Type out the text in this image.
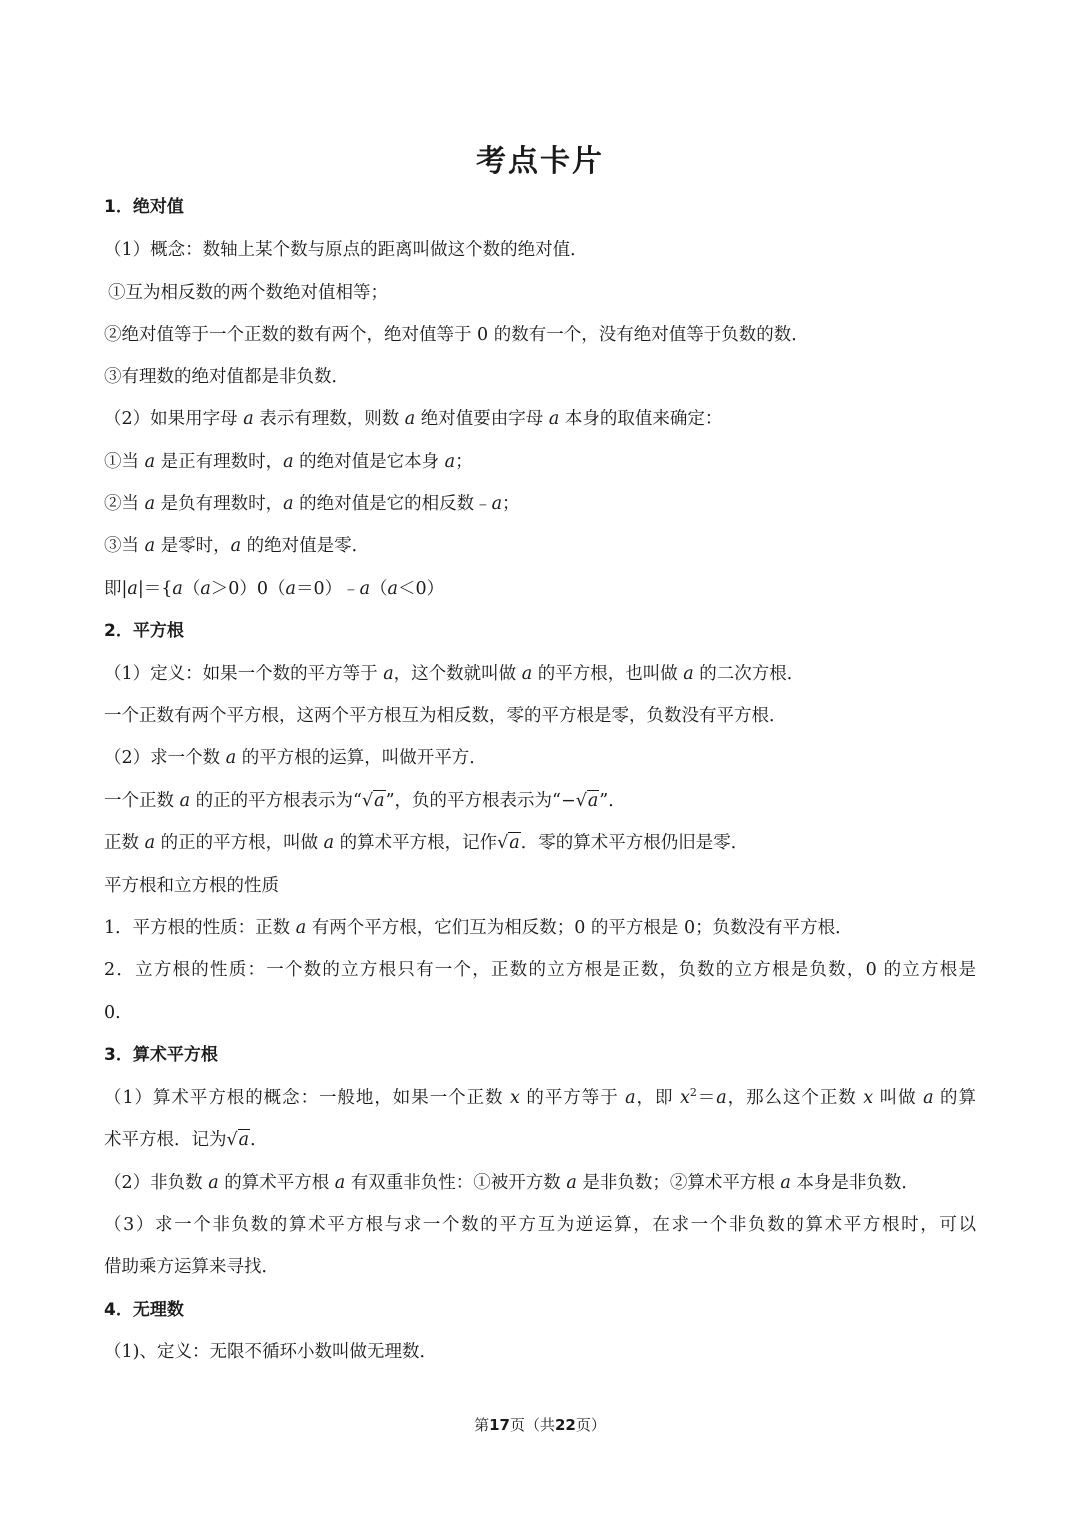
考点卡片
1．绝对值
（1）概念：数轴上某个数与原点的距离叫做这个数的绝对值．
①互为相反数的两个数绝对值相等；
②绝对值等于一个正数的数有两个，绝对值等于 0 的数有一个，没有绝对值等于负数的数．
③有理数的绝对值都是非负数．
（2）如果用字母 a 表示有理数，则数 a 绝对值要由字母 a 本身的取值来确定：
①当 a 是正有理数时，a 的绝对值是它本身 a；
②当 a 是负有理数时，a 的绝对值是它的相反数﹣a；
③当 a 是零时，a 的绝对值是零．
即|a|＝{a（a＞0）0（a＝0）﹣a（a＜0）
2．平方根
（1）定义：如果一个数的平方等于 a，这个数就叫做 a 的平方根，也叫做 a 的二次方根．
一个正数有两个平方根，这两个平方根互为相反数，零的平方根是零，负数没有平方根．
（2）求一个数 a 的平方根的运算，叫做开平方．
一个正数 a 的正的平方根表示为“√a”，负的平方根表示为“−√a”．
正数 a 的正的平方根，叫做 a 的算术平方根，记作√a．零的算术平方根仍旧是零．
平方根和立方根的性质
1．平方根的性质：正数 a 有两个平方根，它们互为相反数；0 的平方根是 0；负数没有平方根．
2．立方根的性质：一个数的立方根只有一个，正数的立方根是正数，负数的立方根是负数，0 的立方根是
0.
3．算术平方根
（1）算术平方根的概念：一般地，如果一个正数 x 的平方等于 a，即 $x^2=a$，那么这个正数 x 叫做 a 的算
术平方根．记为√a．
（2）非负数 a 的算术平方根 a 有双重非负性：①被开方数 a 是非负数；②算术平方根 a 本身是非负数．
（3）求一个非负数的算术平方根与求一个数的平方互为逆运算，在求一个非负数的算术平方根时，可以
借助乘方运算来寻找．
4．无理数
（1)、定义：无限不循环小数叫做无理数．
第17页（共22页）
